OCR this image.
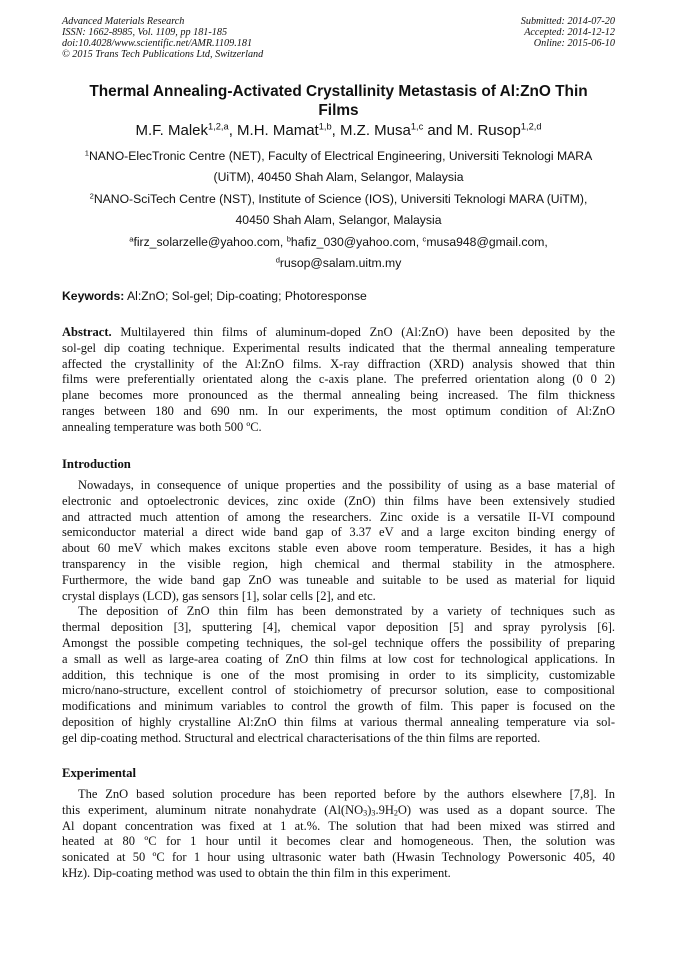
Advanced Materials Research
ISSN: 1662-8985, Vol. 1109, pp 181-185
doi:10.4028/www.scientific.net/AMR.1109.181
© 2015 Trans Tech Publications Ltd, Switzerland
Submitted: 2014-07-20
Accepted: 2014-12-12
Online: 2015-06-10
Thermal Annealing-Activated Crystallinity Metastasis of Al:ZnO Thin
Films
M.F. Malek$^{1,2,a}$, M.H. Mamat$^{1,b}$, M.Z. Musa$^{1,c}$ and M. Rusop$^{1,2,d}$
$^1$NANO-ElecTronic Centre (NET), Faculty of Electrical Engineering, Universiti Teknologi MARA
(UiTM), 40450 Shah Alam, Selangor, Malaysia
$^2$NANO-SciTech Centre (NST), Institute of Science (IOS), Universiti Teknologi MARA (UiTM),
40450 Shah Alam, Selangor, Malaysia
$^a$firz_solarzelle@yahoo.com, $^b$hafiz_030@yahoo.com, $^c$musa948@gmail.com,
$^d$rusop@salam.uitm.my
Keywords: Al:ZnO; Sol-gel; Dip-coating; Photoresponse

Abstract. Multilayered thin films of aluminum-doped ZnO (Al:ZnO) have been deposited by the

sol-gel dip coating technique. Experimental results indicated that the thermal annealing temperature

affected the crystallinity of the Al:ZnO films. X-ray diffraction (XRD) analysis showed that thin

films were preferentially orientated along the c-axis plane. The preferred orientation along (0 0 2)

plane becomes more pronounced as the thermal annealing being increased. The film thickness

ranges between 180 and 690 nm. In our experiments, the most optimum condition of Al:ZnO

annealing temperature was both 500 ºC.

Introduction

Nowadays, in consequence of unique properties and the possibility of using as a base material of

electronic and optoelectronic devices, zinc oxide (ZnO) thin films have been extensively studied

and attracted much attention of among the researchers. Zinc oxide is a versatile II-VI compound

semiconductor material a direct wide band gap of 3.37 eV and a large exciton binding energy of

about 60 meV which makes excitons stable even above room temperature. Besides, it has a high

transparency in the visible region, high chemical and thermal stability in the atmosphere.

Furthermore, the wide band gap ZnO was tuneable and suitable to be used as material for liquid

crystal displays (LCD), gas sensors [1], solar cells [2], and etc.

The deposition of ZnO thin film has been demonstrated by a variety of techniques such as

thermal deposition [3], sputtering [4], chemical vapor deposition [5] and spray pyrolysis [6].

Amongst the possible competing techniques, the sol-gel technique offers the possibility of preparing

a small as well as large-area coating of ZnO thin films at low cost for technological applications. In

addition, this technique is one of the most promising in order to its simplicity, customizable

micro/nano-structure, excellent control of stoichiometry of precursor solution, ease to compositional

modifications and minimum variables to control the growth of film. This paper is focused on the

deposition of highly crystalline Al:ZnO thin films at various thermal annealing temperature via sol-

gel dip-coating method. Structural and electrical characterisations of the thin films are reported.

Experimental

The ZnO based solution procedure has been reported before by the authors elsewhere [7,8]. In

this experiment, aluminum nitrate nonahydrate $(Al(NO_3)_3.9H_2O)$ was used as a dopant source. The

Al dopant concentration was fixed at 1 at.%. The solution that had been mixed was stirred and

heated at 80 ºC for 1 hour until it becomes clear and homogeneous. Then, the solution was

sonicated at 50 ºC for 1 hour using ultrasonic water bath (Hwasin Technology Powersonic 405, 40

kHz). Dip-coating method was used to obtain the thin film in this experiment.
